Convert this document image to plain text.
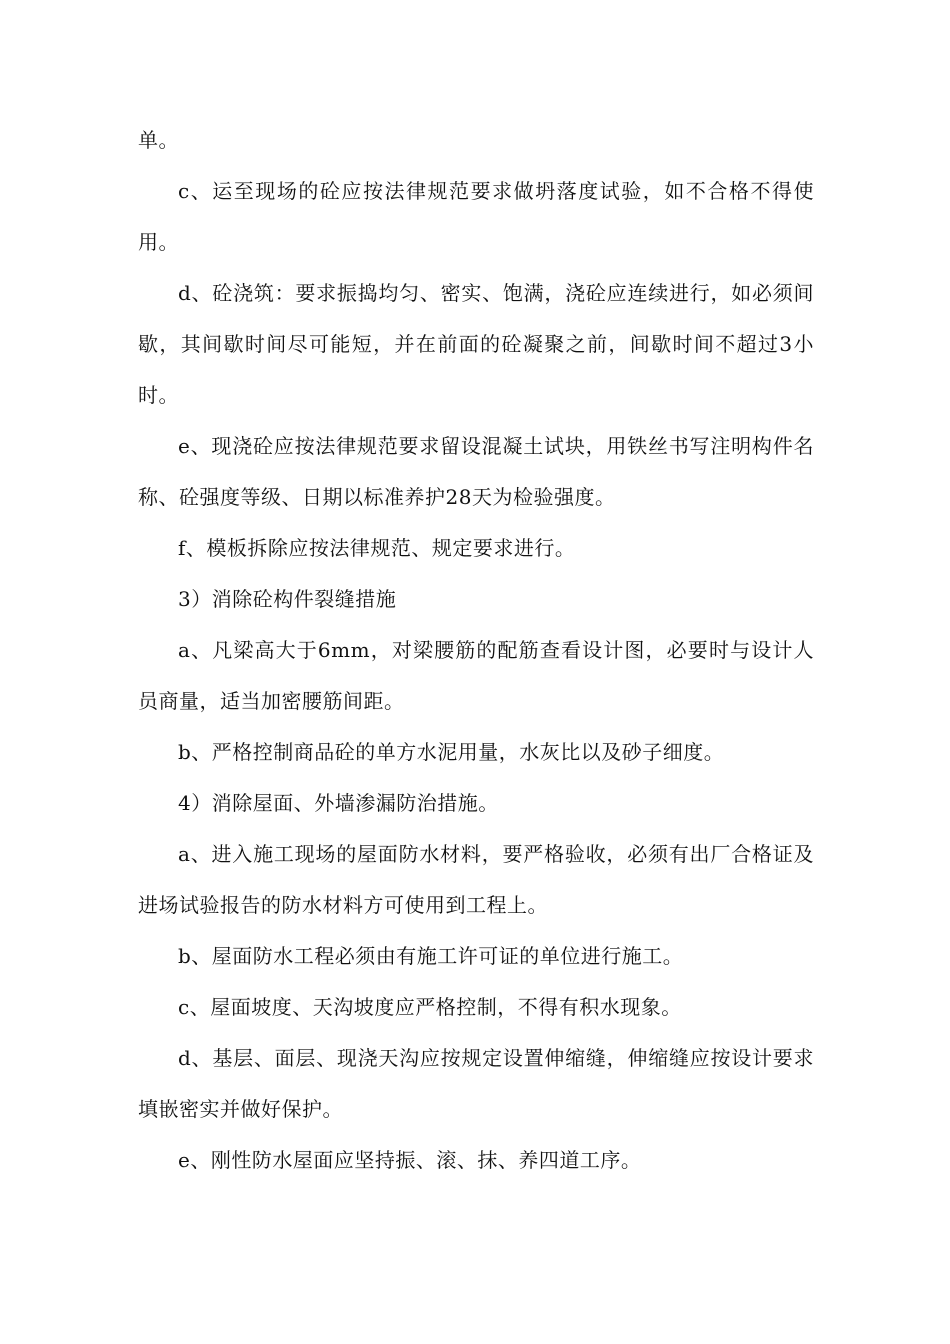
单。

c、运至现场的砼应按法律规范要求做坍落度试验，如不合格不得使用。

d、砼浇筑：要求振捣均匀、密实、饱满，浇砼应连续进行，如必须间歇，其间歇时间尽可能短，并在前面的砼凝聚之前，间歇时间不超过3小时。

e、现浇砼应按法律规范要求留设混凝土试块，用铁丝书写注明构件名称、砼强度等级、日期以标准养护28天为检验强度。

f、模板拆除应按法律规范、规定要求进行。

3）消除砼构件裂缝措施

a、凡梁高大于6mm，对梁腰筋的配筋查看设计图，必要时与设计人员商量，适当加密腰筋间距。

b、严格控制商品砼的单方水泥用量，水灰比以及砂子细度。

4）消除屋面、外墙渗漏防治措施。

a、进入施工现场的屋面防水材料，要严格验收，必须有出厂合格证及进场试验报告的防水材料方可使用到工程上。

b、屋面防水工程必须由有施工许可证的单位进行施工。

c、屋面坡度、天沟坡度应严格控制，不得有积水现象。

d、基层、面层、现浇天沟应按规定设置伸缩缝，伸缩缝应按设计要求填嵌密实并做好保护。

e、刚性防水屋面应坚持振、滚、抹、养四道工序。
